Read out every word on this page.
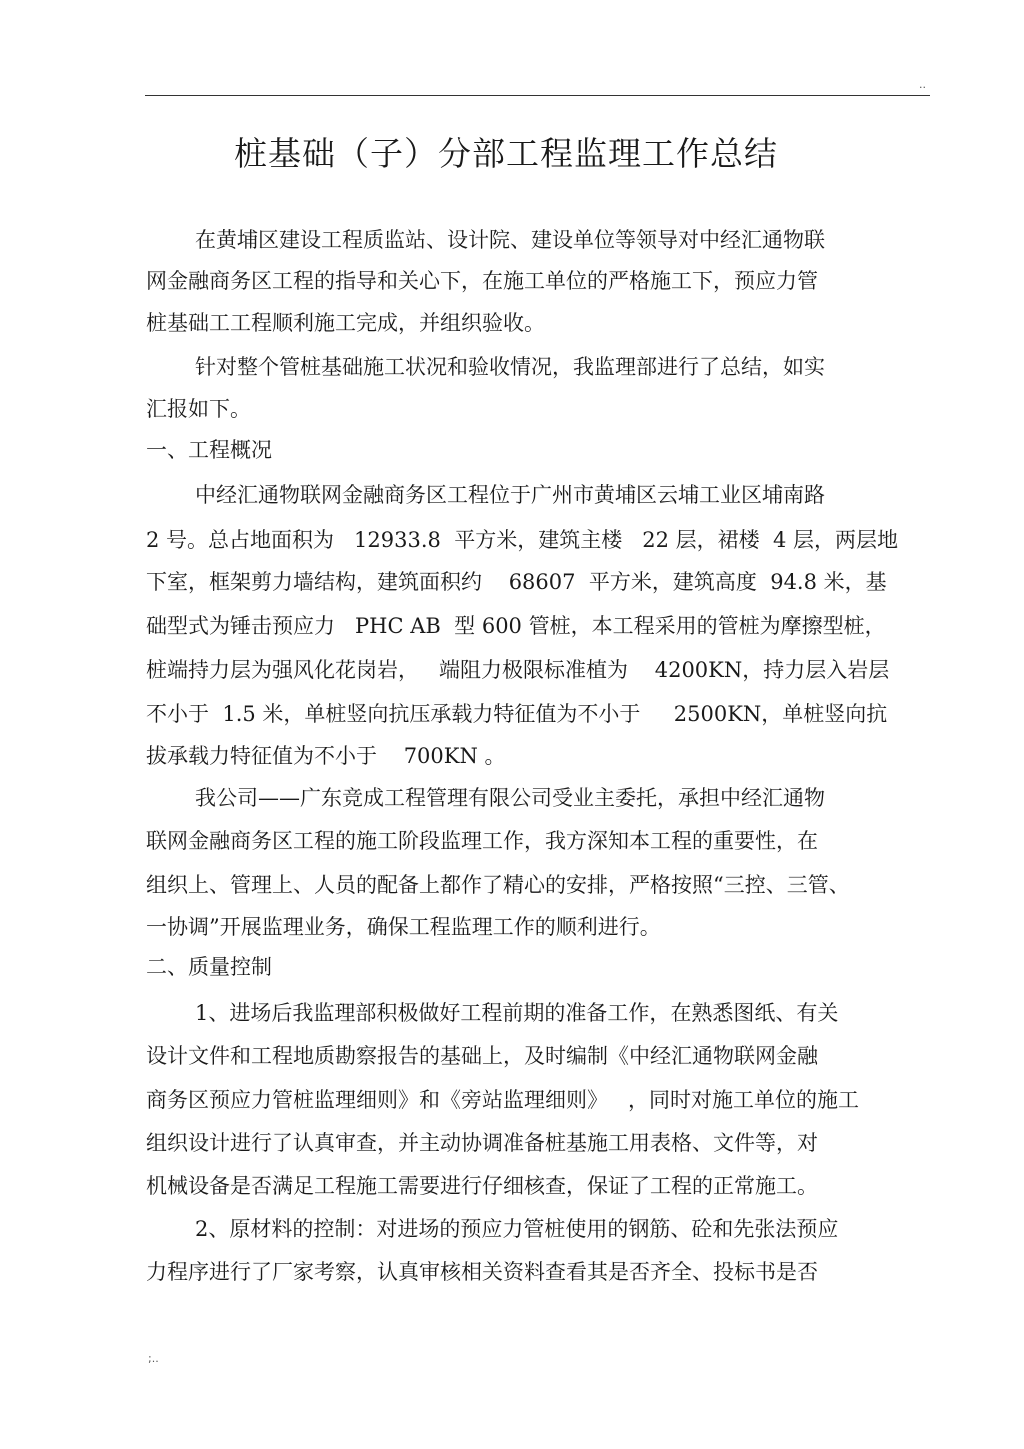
..
桩基础（子）分部工程监理工作总结
在黄埔区建设工程质监站、设计院、建设单位等领导对中经汇通物联
网金融商务区工程的指导和关心下，在施工单位的严格施工下，预应力管
桩基础工工程顺利施工完成，并组织验收。
针对整个管桩基础施工状况和验收情况，我监理部进行了总结，如实
汇报如下。
一、工程概况
中经汇通物联网金融商务区工程位于广州市黄埔区云埔工业区埔南路
2 号。总占地面积为   12933.8  平方米，建筑主楼   22 层，裙楼  4 层，两层地
下室，框架剪力墙结构，建筑面积约    68607  平方米，建筑高度  94.8 米，基
础型式为锤击预应力   PHC AB  型 600 管桩，本工程采用的管桩为摩擦型桩，
桩端持力层为强风化花岗岩，   端阻力极限标准植为    4200KN，持力层入岩层
不小于  1.5 米，单桩竖向抗压承载力特征值为不小于     2500KN，单桩竖向抗
拔承载力特征值为不小于    700KN 。
我公司——广东竞成工程管理有限公司受业主委托，承担中经汇通物
联网金融商务区工程的施工阶段监理工作，我方深知本工程的重要性，在
组织上、管理上、人员的配备上都作了精心的安排，严格按照“三控、三管、
一协调”开展监理业务，确保工程监理工作的顺利进行。
二、质量控制
1、进场后我监理部积极做好工程前期的准备工作，在熟悉图纸、有关
设计文件和工程地质勘察报告的基础上，及时编制《中经汇通物联网金融
商务区预应力管桩监理细则》和《旁站监理细则》   ，同时对施工单位的施工
组织设计进行了认真审查，并主动协调准备桩基施工用表格、文件等，对
机械设备是否满足工程施工需要进行仔细核查，保证了工程的正常施工。
2、原材料的控制：对进场的预应力管桩使用的钢筋、砼和先张法预应
力程序进行了厂家考察，认真审核相关资料查看其是否齐全、投标书是否
;..
